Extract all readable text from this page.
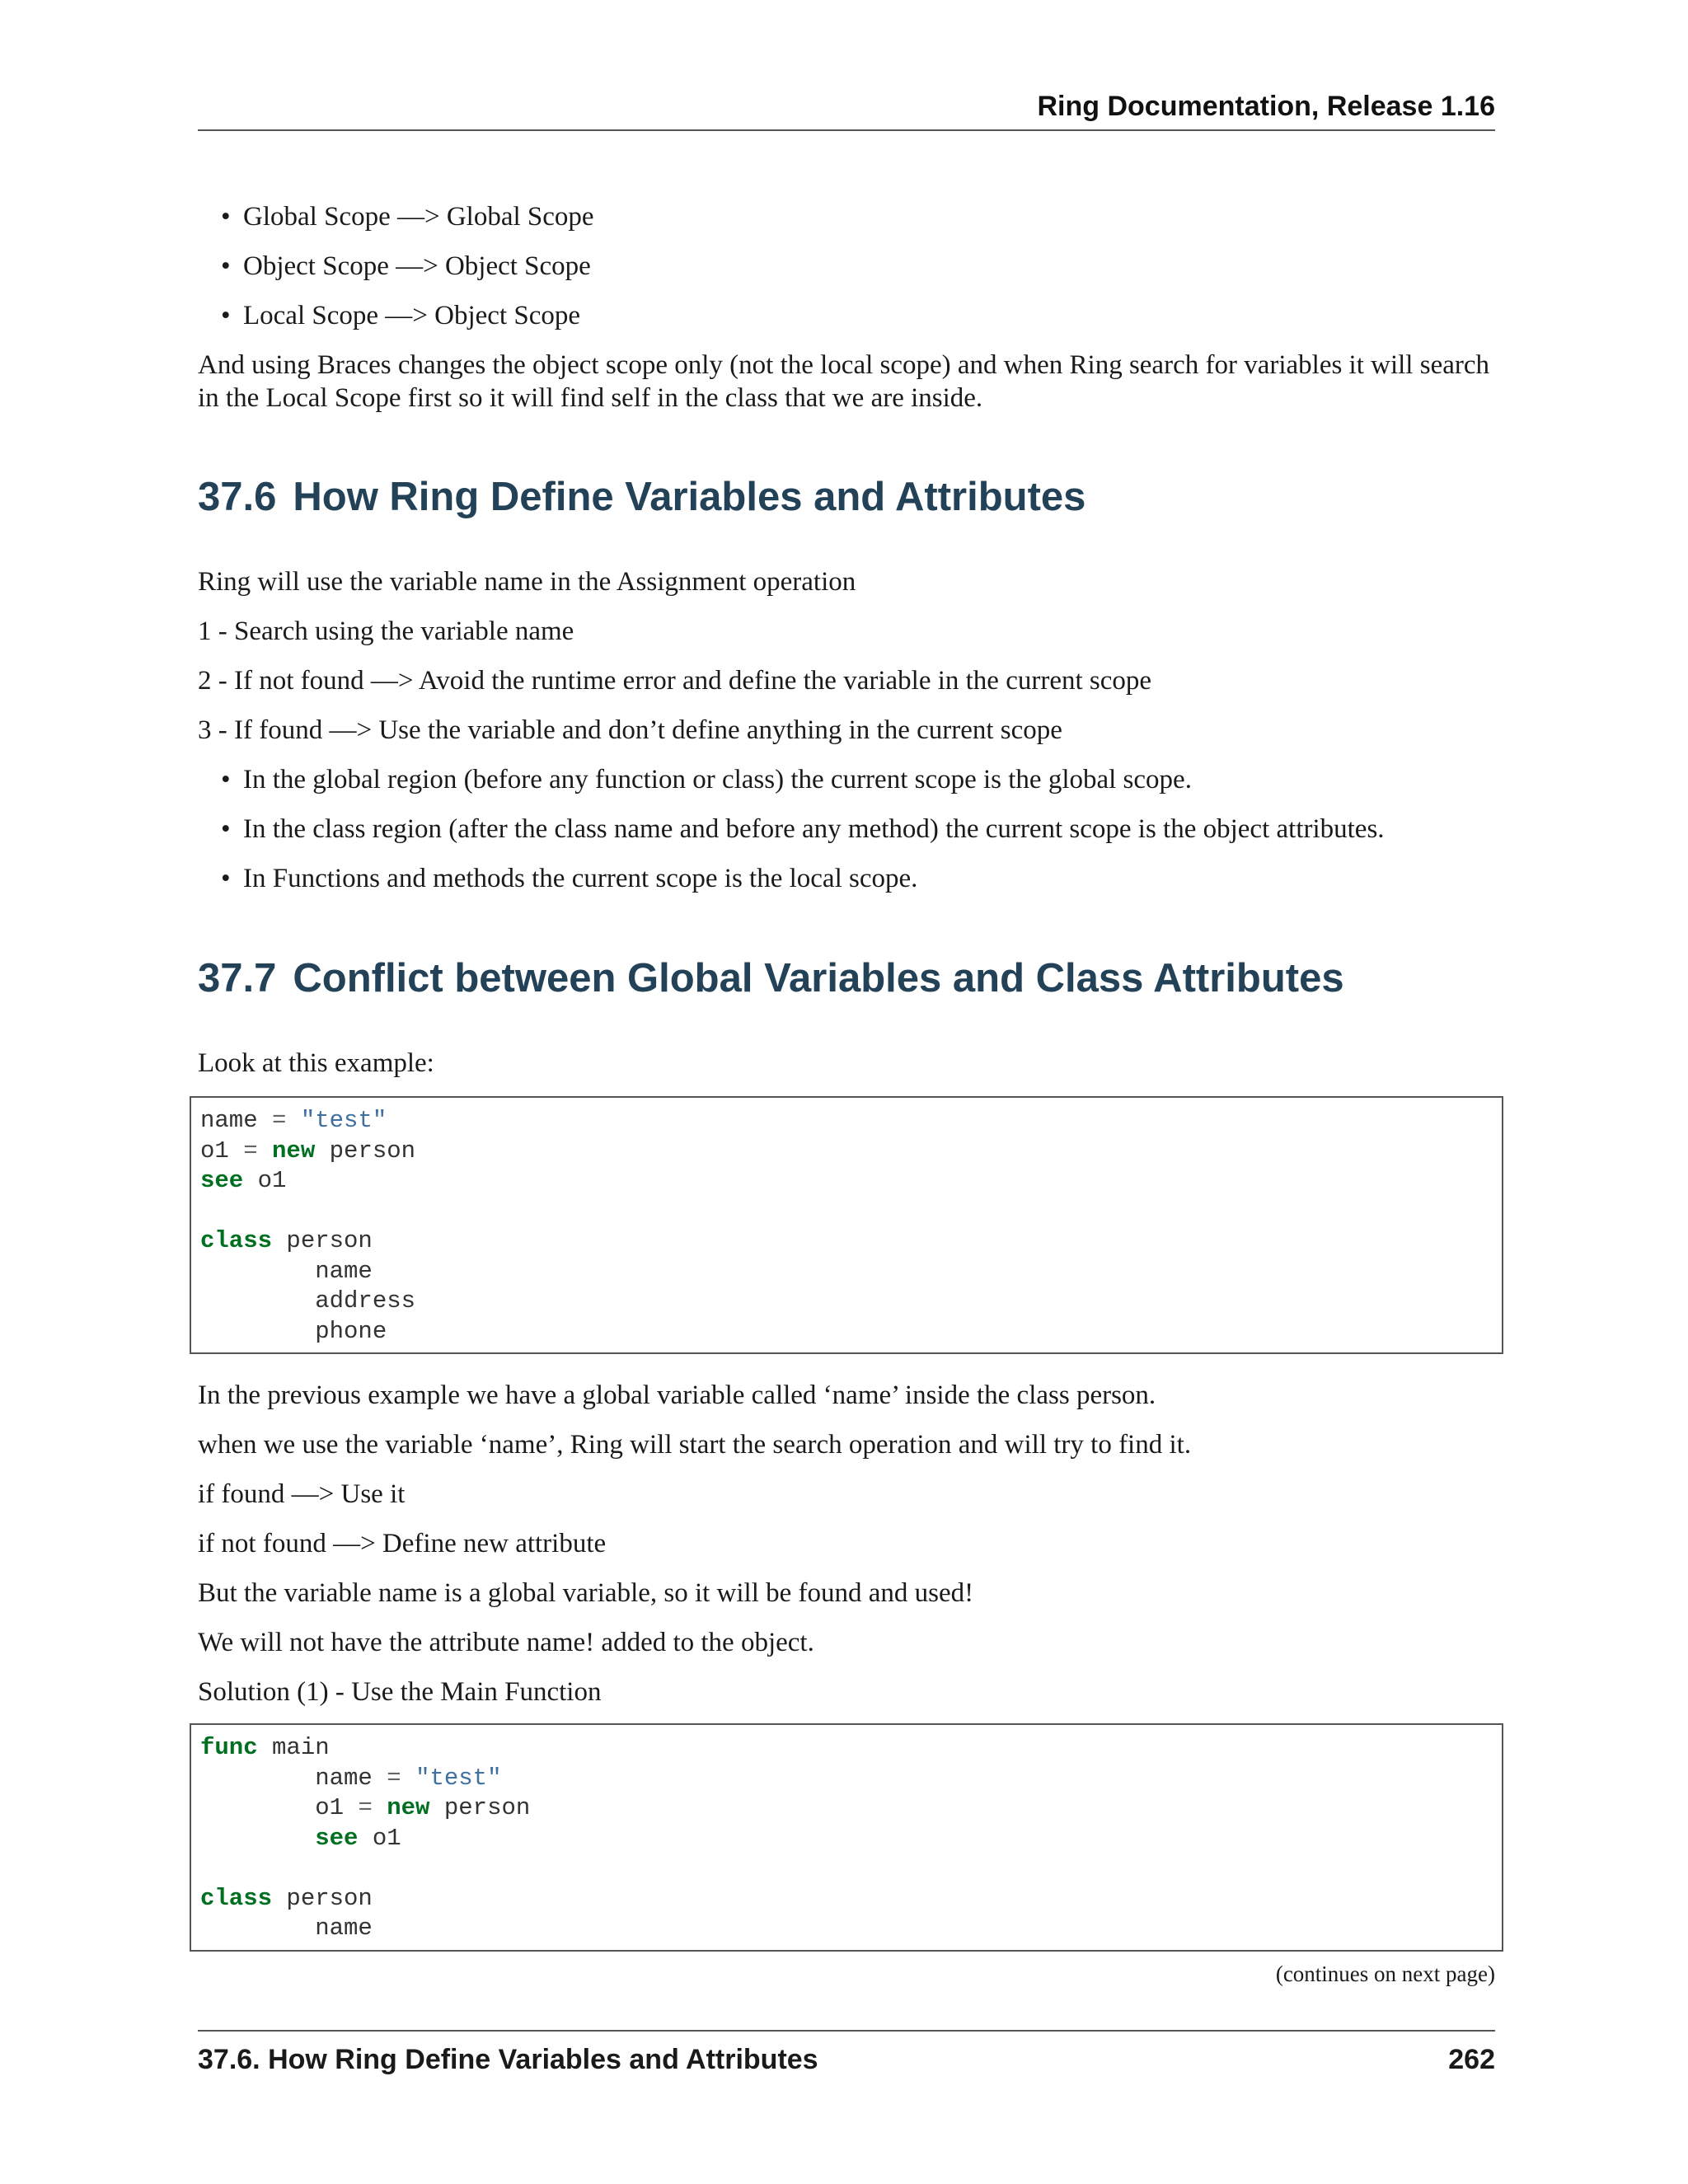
Ring Documentation, Release 1.16
• Global Scope —> Global Scope
• Object Scope —> Object Scope
• Local Scope —> Object Scope

And using Braces changes the object scope only (not the local scope) and when Ring search for variables it will search in the Local Scope first so it will find self in the class that we are inside.

37.6 How Ring Define Variables and Attributes

Ring will use the variable name in the Assignment operation

1 - Search using the variable name

2 - If not found —> Avoid the runtime error and define the variable in the current scope

3 - If found —> Use the variable and don’t define anything in the current scope

• In the global region (before any function or class) the current scope is the global scope.
• In the class region (after the class name and before any method) the current scope is the object attributes.
• In Functions and methods the current scope is the local scope.
37.7 Conflict between Global Variables and Class Attributes

Look at this example:

name = "test"
o1 = new person
see o1

class person
name
address
phone

In the previous example we have a global variable called ‘name’ inside the class person.

when we use the variable ‘name’, Ring will start the search operation and will try to find it.

if found —> Use it

if not found —> Define new attribute

But the variable name is a global variable, so it will be found and used!

We will not have the attribute name! added to the object.

Solution (1) - Use the Main Function

func main
name = "test"
o1 = new person
see o1

class person
name
(continues on next page)
37.6. How Ring Define Variables and Attributes	262
